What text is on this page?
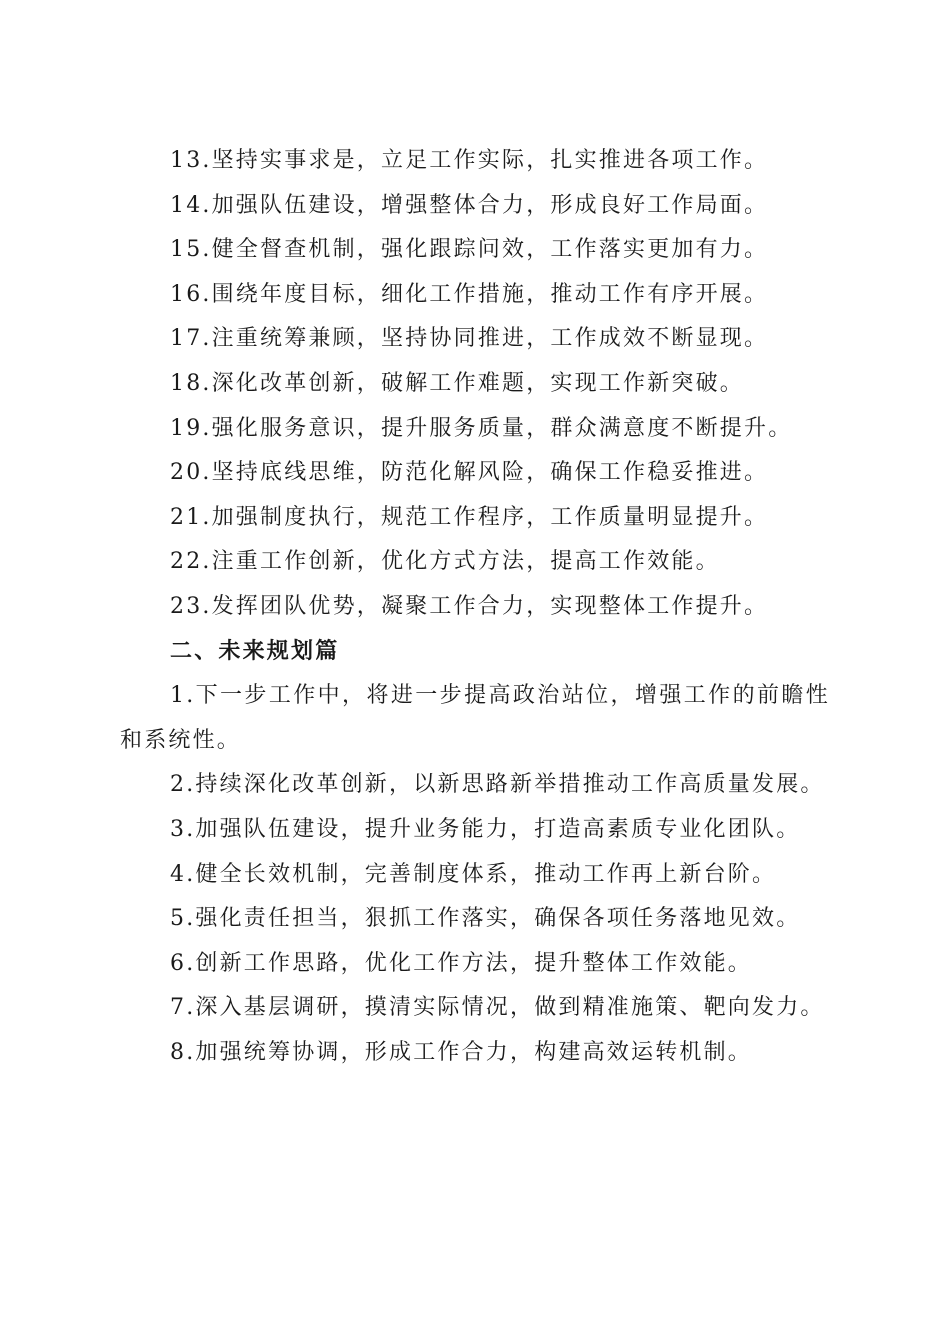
13.坚持实事求是，立足工作实际，扎实推进各项工作。

14.加强队伍建设，增强整体合力，形成良好工作局面。

15.健全督查机制，强化跟踪问效，工作落实更加有力。

16.围绕年度目标，细化工作措施，推动工作有序开展。

17.注重统筹兼顾，坚持协同推进，工作成效不断显现。

18.深化改革创新，破解工作难题，实现工作新突破。

19.强化服务意识，提升服务质量，群众满意度不断提升。

20.坚持底线思维，防范化解风险，确保工作稳妥推进。

21.加强制度执行，规范工作程序，工作质量明显提升。

22.注重工作创新，优化方式方法，提高工作效能。

23.发挥团队优势，凝聚工作合力，实现整体工作提升。

二、未来规划篇

1.下一步工作中，将进一步提高政治站位，增强工作的前瞻性和系统性。

2.持续深化改革创新，以新思路新举措推动工作高质量发展。

3.加强队伍建设，提升业务能力，打造高素质专业化团队。

4.健全长效机制，完善制度体系，推动工作再上新台阶。

5.强化责任担当，狠抓工作落实，确保各项任务落地见效。

6.创新工作思路，优化工作方法，提升整体工作效能。

7.深入基层调研，摸清实际情况，做到精准施策、靶向发力。

8.加强统筹协调，形成工作合力，构建高效运转机制。
